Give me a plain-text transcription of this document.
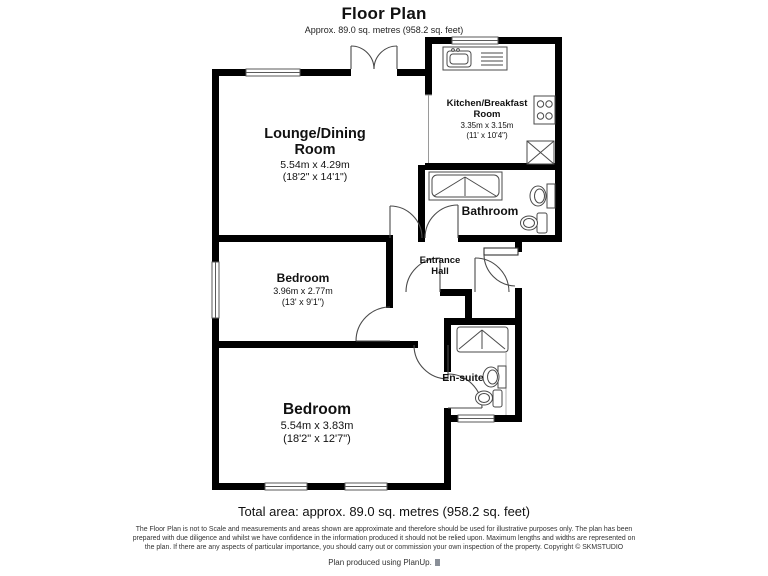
Floor Plan
Approx. 89.0 sq. metres (958.2 sq. feet)
Lounge/Dining
Room
5.54m x 4.29m
(18'2" x 14'1")
Kitchen/Breakfast
Room
3.35m x 3.15m
(11' x 10'4")
Bathroom
Entrance
Hall
Bedroom
3.96m x 2.77m
(13' x 9'1")
Bedroom
5.54m x 3.83m
(18'2" x 12'7")
En-suite
Total area: approx. 89.0 sq. metres (958.2 sq. feet)
The Floor Plan is not to Scale and measurements and areas shown are approximate and therefore should be used for illustrative purposes only. The plan has been
prepared with due diligence and whilst we have confidence in the information produced it should not be relied upon. Maximum lengths and widths are represented on
the plan. If there are any aspects of particular importance, you should carry out or commission your own inspection of the property. Copyright © SKMSTUDIO
Plan produced using PlanUp.
